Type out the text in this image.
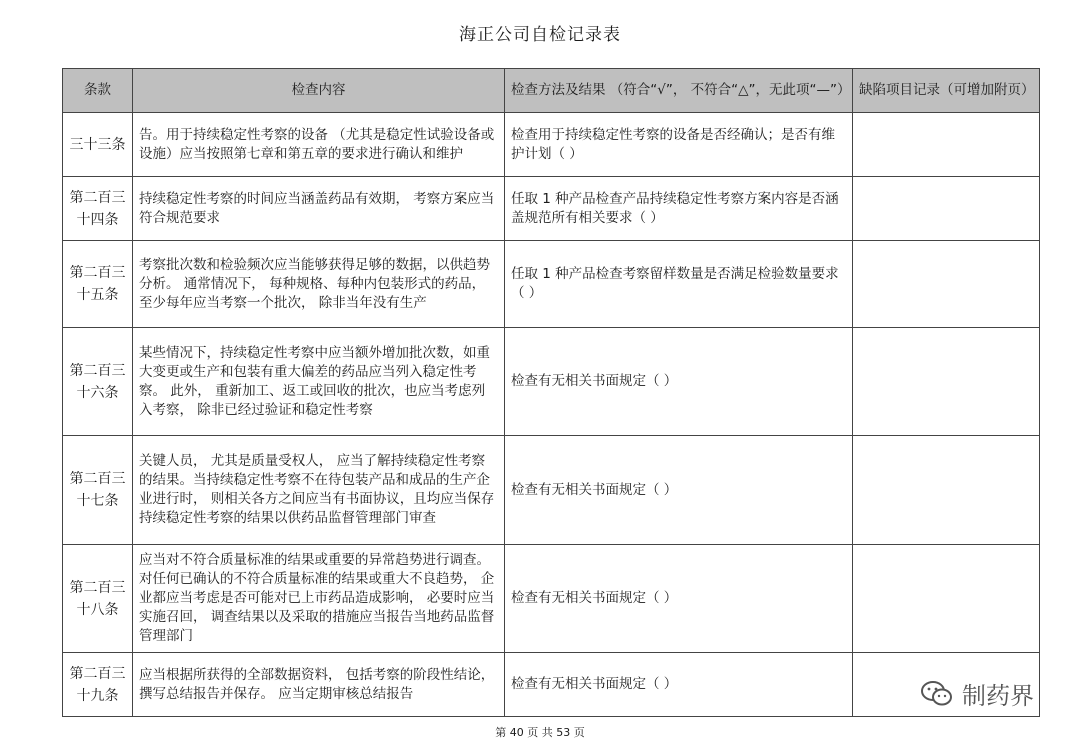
海正公司自检记录表
条款	检查内容	检查方法及结果 （符合“√”， 不符合“△”，无此项“—”）	缺陷项目记录（可增加附页）
三十三条	告。用于持续稳定性考察的设备 （尤其是稳定性试验设备或设施）应当按照第七章和第五章的要求进行确认和维护	检查用于持续稳定性考察的设备是否经确认；是否有维护计划（ ）	
第二百三十四条	持续稳定性考察的时间应当涵盖药品有效期， 考察方案应当符合规范要求	任取 1 种产品检查产品持续稳定性考察方案内容是否涵盖规范所有相关要求（ ）	
第二百三十五条	考察批次数和检验频次应当能够获得足够的数据，以供趋势分析。 通常情况下， 每种规格、每种内包装形式的药品， 至少每年应当考察一个批次， 除非当年没有生产	任取 1 种产品检查考察留样数量是否满足检验数量要求（ ）	
第二百三十六条	某些情况下，持续稳定性考察中应当额外增加批次数，如重大变更或生产和包装有重大偏差的药品应当列入稳定性考察。 此外， 重新加工、返工或回收的批次，也应当考虑列入考察， 除非已经过验证和稳定性考察	检查有无相关书面规定（ ）	
第二百三十七条	关键人员， 尤其是质量受权人， 应当了解持续稳定性考察的结果。当持续稳定性考察不在待包装产品和成品的生产企业进行时， 则相关各方之间应当有书面协议，且均应当保存持续稳定性考察的结果以供药品监督管理部门审查	检查有无相关书面规定（ ）	
第二百三十八条	应当对不符合质量标准的结果或重要的异常趋势进行调查。对任何已确认的不符合质量标准的结果或重大不良趋势， 企业都应当考虑是否可能对已上市药品造成影响， 必要时应当实施召回， 调查结果以及采取的措施应当报告当地药品监督管理部门	检查有无相关书面规定（ ）	
第二百三十九条	应当根据所获得的全部数据资料， 包括考察的阶段性结论，撰写总结报告并保存。 应当定期审核总结报告	检查有无相关书面规定（ ）		制药界
第 40 页 共 53 页
